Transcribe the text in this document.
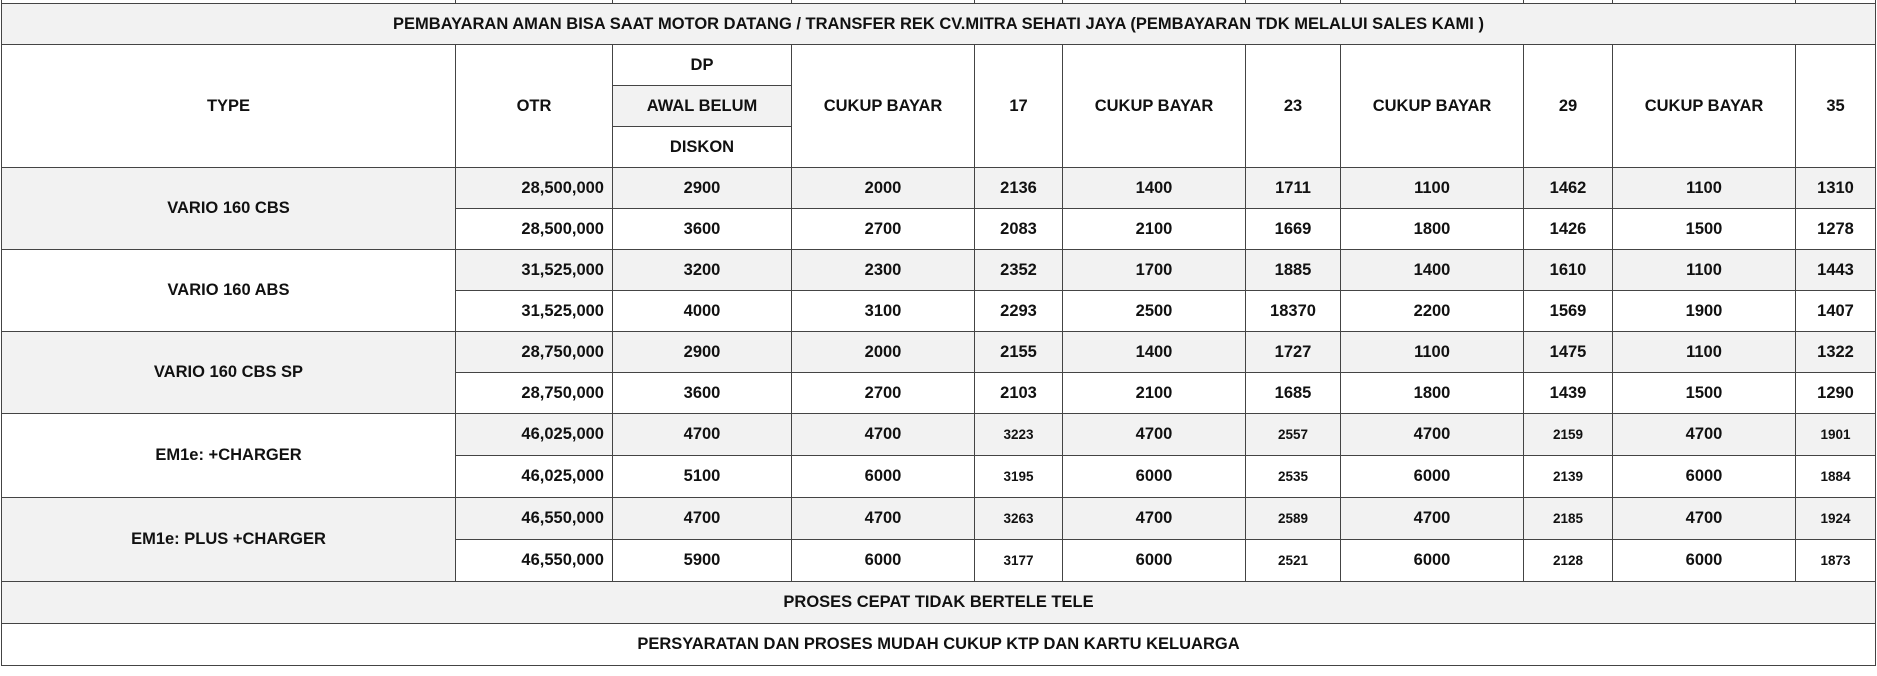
PEMBAYARAN AMAN BISA SAAT MOTOR DATANG / TRANSFER REK CV.MITRA SEHATI JAYA (PEMBAYARAN TDK MELALUI SALES KAMI )										
TYPE	OTR	DP	CUKUP BAYAR	17	CUKUP BAYAR	23	CUKUP BAYAR	29	CUKUP BAYAR	35
		AWAL BELUM								
		DISKON								
VARIO 160 CBS	28,500,000	2900	2000	2136	1400	1711	1100	1462	1100	1310
	28,500,000	3600	2700	2083	2100	1669	1800	1426	1500	1278
VARIO 160 ABS	31,525,000	3200	2300	2352	1700	1885	1400	1610	1100	1443
	31,525,000	4000	3100	2293	2500	18370	2200	1569	1900	1407
VARIO 160 CBS SP	28,750,000	2900	2000	2155	1400	1727	1100	1475	1100	1322
	28,750,000	3600	2700	2103	2100	1685	1800	1439	1500	1290
EM1e: +CHARGER	46,025,000	4700	4700	3223	4700	2557	4700	2159	4700	1901
	46,025,000	5100	6000	3195	6000	2535	6000	2139	6000	1884
EM1e: PLUS +CHARGER	46,550,000	4700	4700	3263	4700	2589	4700	2185	4700	1924
	46,550,000	5900	6000	3177	6000	2521	6000	2128	6000	1873
PROSES CEPAT TIDAK BERTELE TELE										
PERSYARATAN DAN PROSES MUDAH CUKUP KTP DAN KARTU KELUARGA										
